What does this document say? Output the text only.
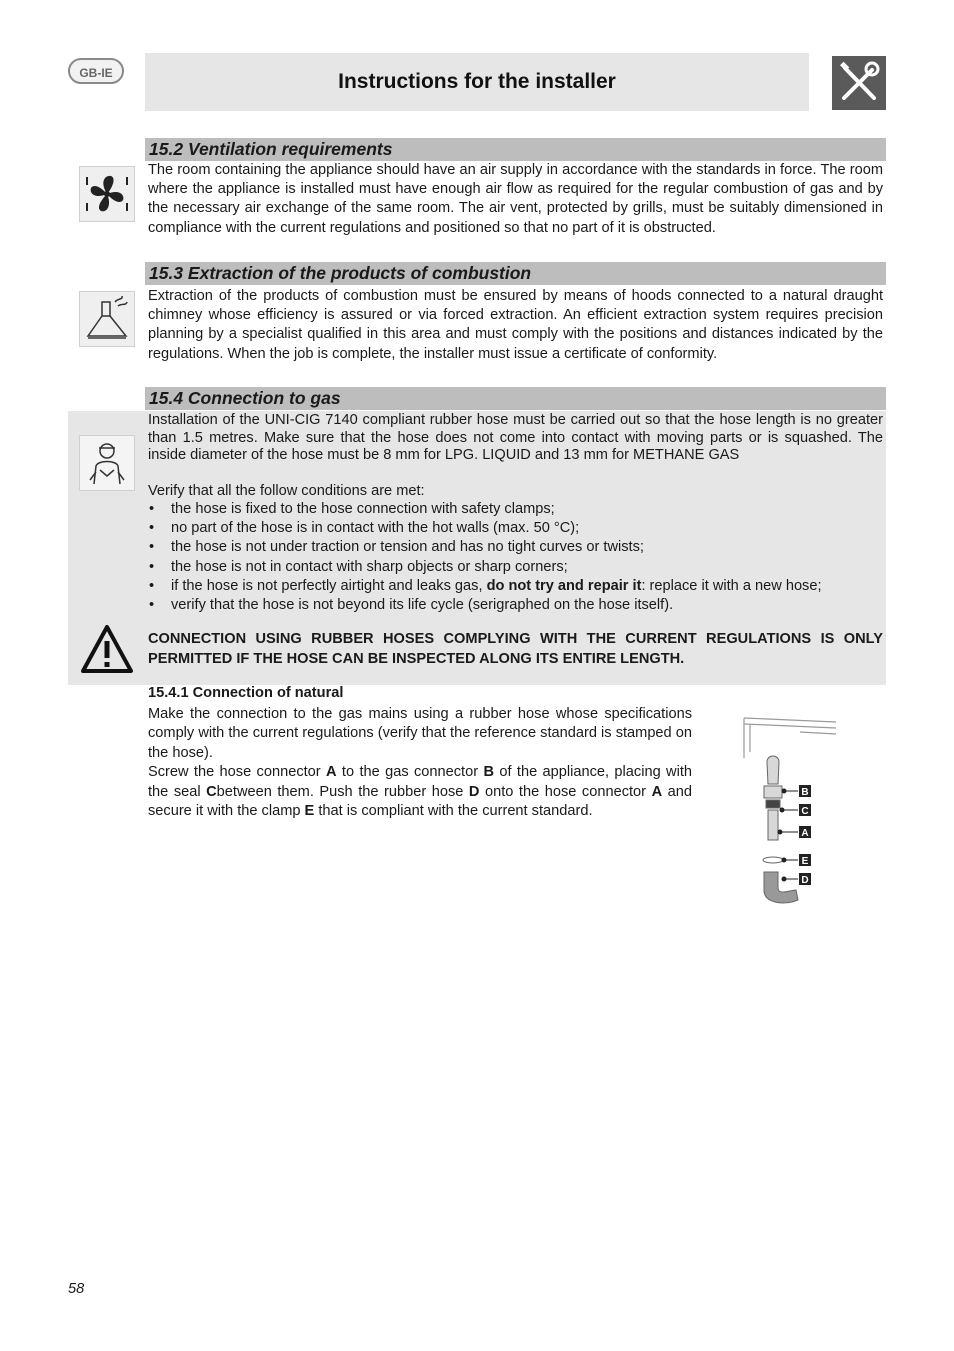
GB-IE	Instructions for the installer
15.2 Ventilation requirements
The room containing the appliance should have an air supply in accordance with the standards in force. The room where the appliance is installed must have enough air flow as required for the regular combustion of gas and by the necessary air exchange of the same room. The air vent, protected by grills, must be suitably dimensioned in compliance with the current regulations and positioned so that no part of it is obstructed.
15.3 Extraction of the products of combustion
Extraction of the products of combustion must be ensured by means of hoods connected to a natural draught chimney whose efficiency is assured or via forced extraction. An efficient extraction system requires precision planning by a specialist qualified in this area and must comply with the positions and distances indicated by the regulations. When the job is complete, the installer must issue a certificate of conformity.
15.4 Connection to gas
Installation of the UNI-CIG 7140 compliant rubber hose must be carried out so that the hose length is no greater than 1.5 metres. Make sure that the hose does not come into contact with moving parts or is squashed. The inside diameter of the hose must be 8 mm for LPG. LIQUID and 13 mm for METHANE GAS
Verify that all the follow conditions are met:
• the hose is fixed to the hose connection with safety clamps;
• no part of the hose is in contact with the hot walls (max. 50 °C);
• the hose is not under traction or tension and has no tight curves or twists;
• the hose is not in contact with sharp objects or sharp corners;
• if the hose is not perfectly airtight and leaks gas, do not try and repair it: replace it with a new hose;
• verify that the hose is not beyond its life cycle (serigraphed on the hose itself).
CONNECTION USING RUBBER HOSES COMPLYING WITH THE CURRENT REGULATIONS IS ONLY PERMITTED IF THE HOSE CAN BE INSPECTED ALONG ITS ENTIRE LENGTH.
15.4.1 Connection of natural
Make the connection to the gas mains using a rubber hose whose specifications comply with the current regulations (verify that the reference standard is stamped on the hose).
Screw the hose connector A to the gas connector B of the appliance, placing with the seal Cbetween them. Push the rubber hose D onto the hose connector A and secure it with the clamp E that is compliant with the current standard.
B
C
A
E
D
58
